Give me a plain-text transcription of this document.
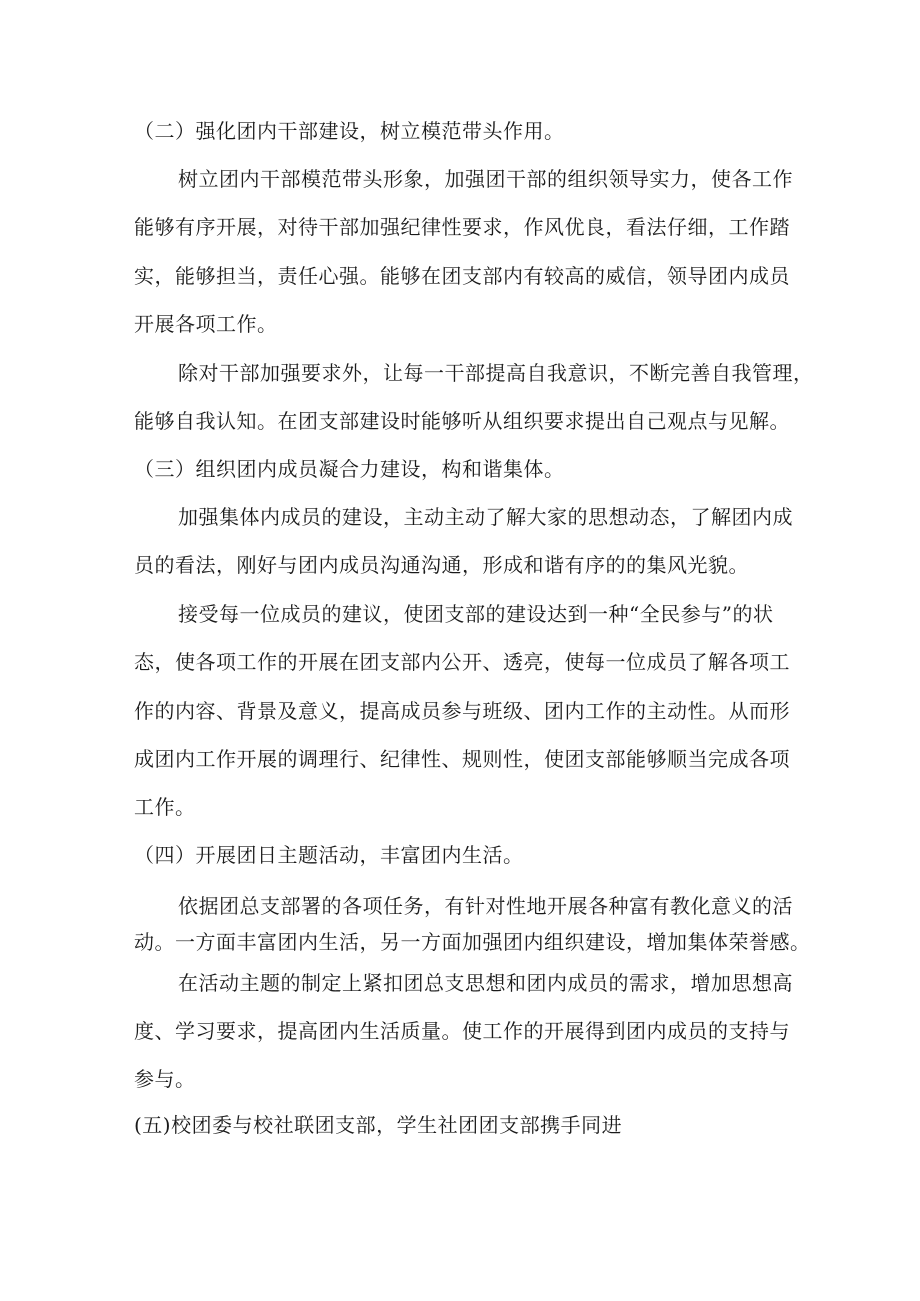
（二）强化团内干部建设，树立模范带头作用。
树立团内干部模范带头形象，加强团干部的组织领导实力，使各工作
能够有序开展，对待干部加强纪律性要求，作风优良，看法仔细，工作踏
实，能够担当，责任心强。能够在团支部内有较高的威信，领导团内成员
开展各项工作。
除对干部加强要求外，让每一干部提高自我意识，不断完善自我管理，
能够自我认知。在团支部建设时能够听从组织要求提出自己观点与见解。
（三）组织团内成员凝合力建设，构和谐集体。
加强集体内成员的建设，主动主动了解大家的思想动态，了解团内成
员的看法，刚好与团内成员沟通沟通，形成和谐有序的的集风光貌。
接受每一位成员的建议，使团支部的建设达到一种“全民参与”的状
态，使各项工作的开展在团支部内公开、透亮，使每一位成员了解各项工
作的内容、背景及意义，提高成员参与班级、团内工作的主动性。从而形
成团内工作开展的调理行、纪律性、规则性，使团支部能够顺当完成各项
工作。
（四）开展团日主题活动，丰富团内生活。
依据团总支部署的各项任务，有针对性地开展各种富有教化意义的活
动。一方面丰富团内生活，另一方面加强团内组织建设，增加集体荣誉感。
在活动主题的制定上紧扣团总支思想和团内成员的需求，增加思想高
度、学习要求，提高团内生活质量。使工作的开展得到团内成员的支持与
参与。
(五)校团委与校社联团支部，学生社团团支部携手同进
